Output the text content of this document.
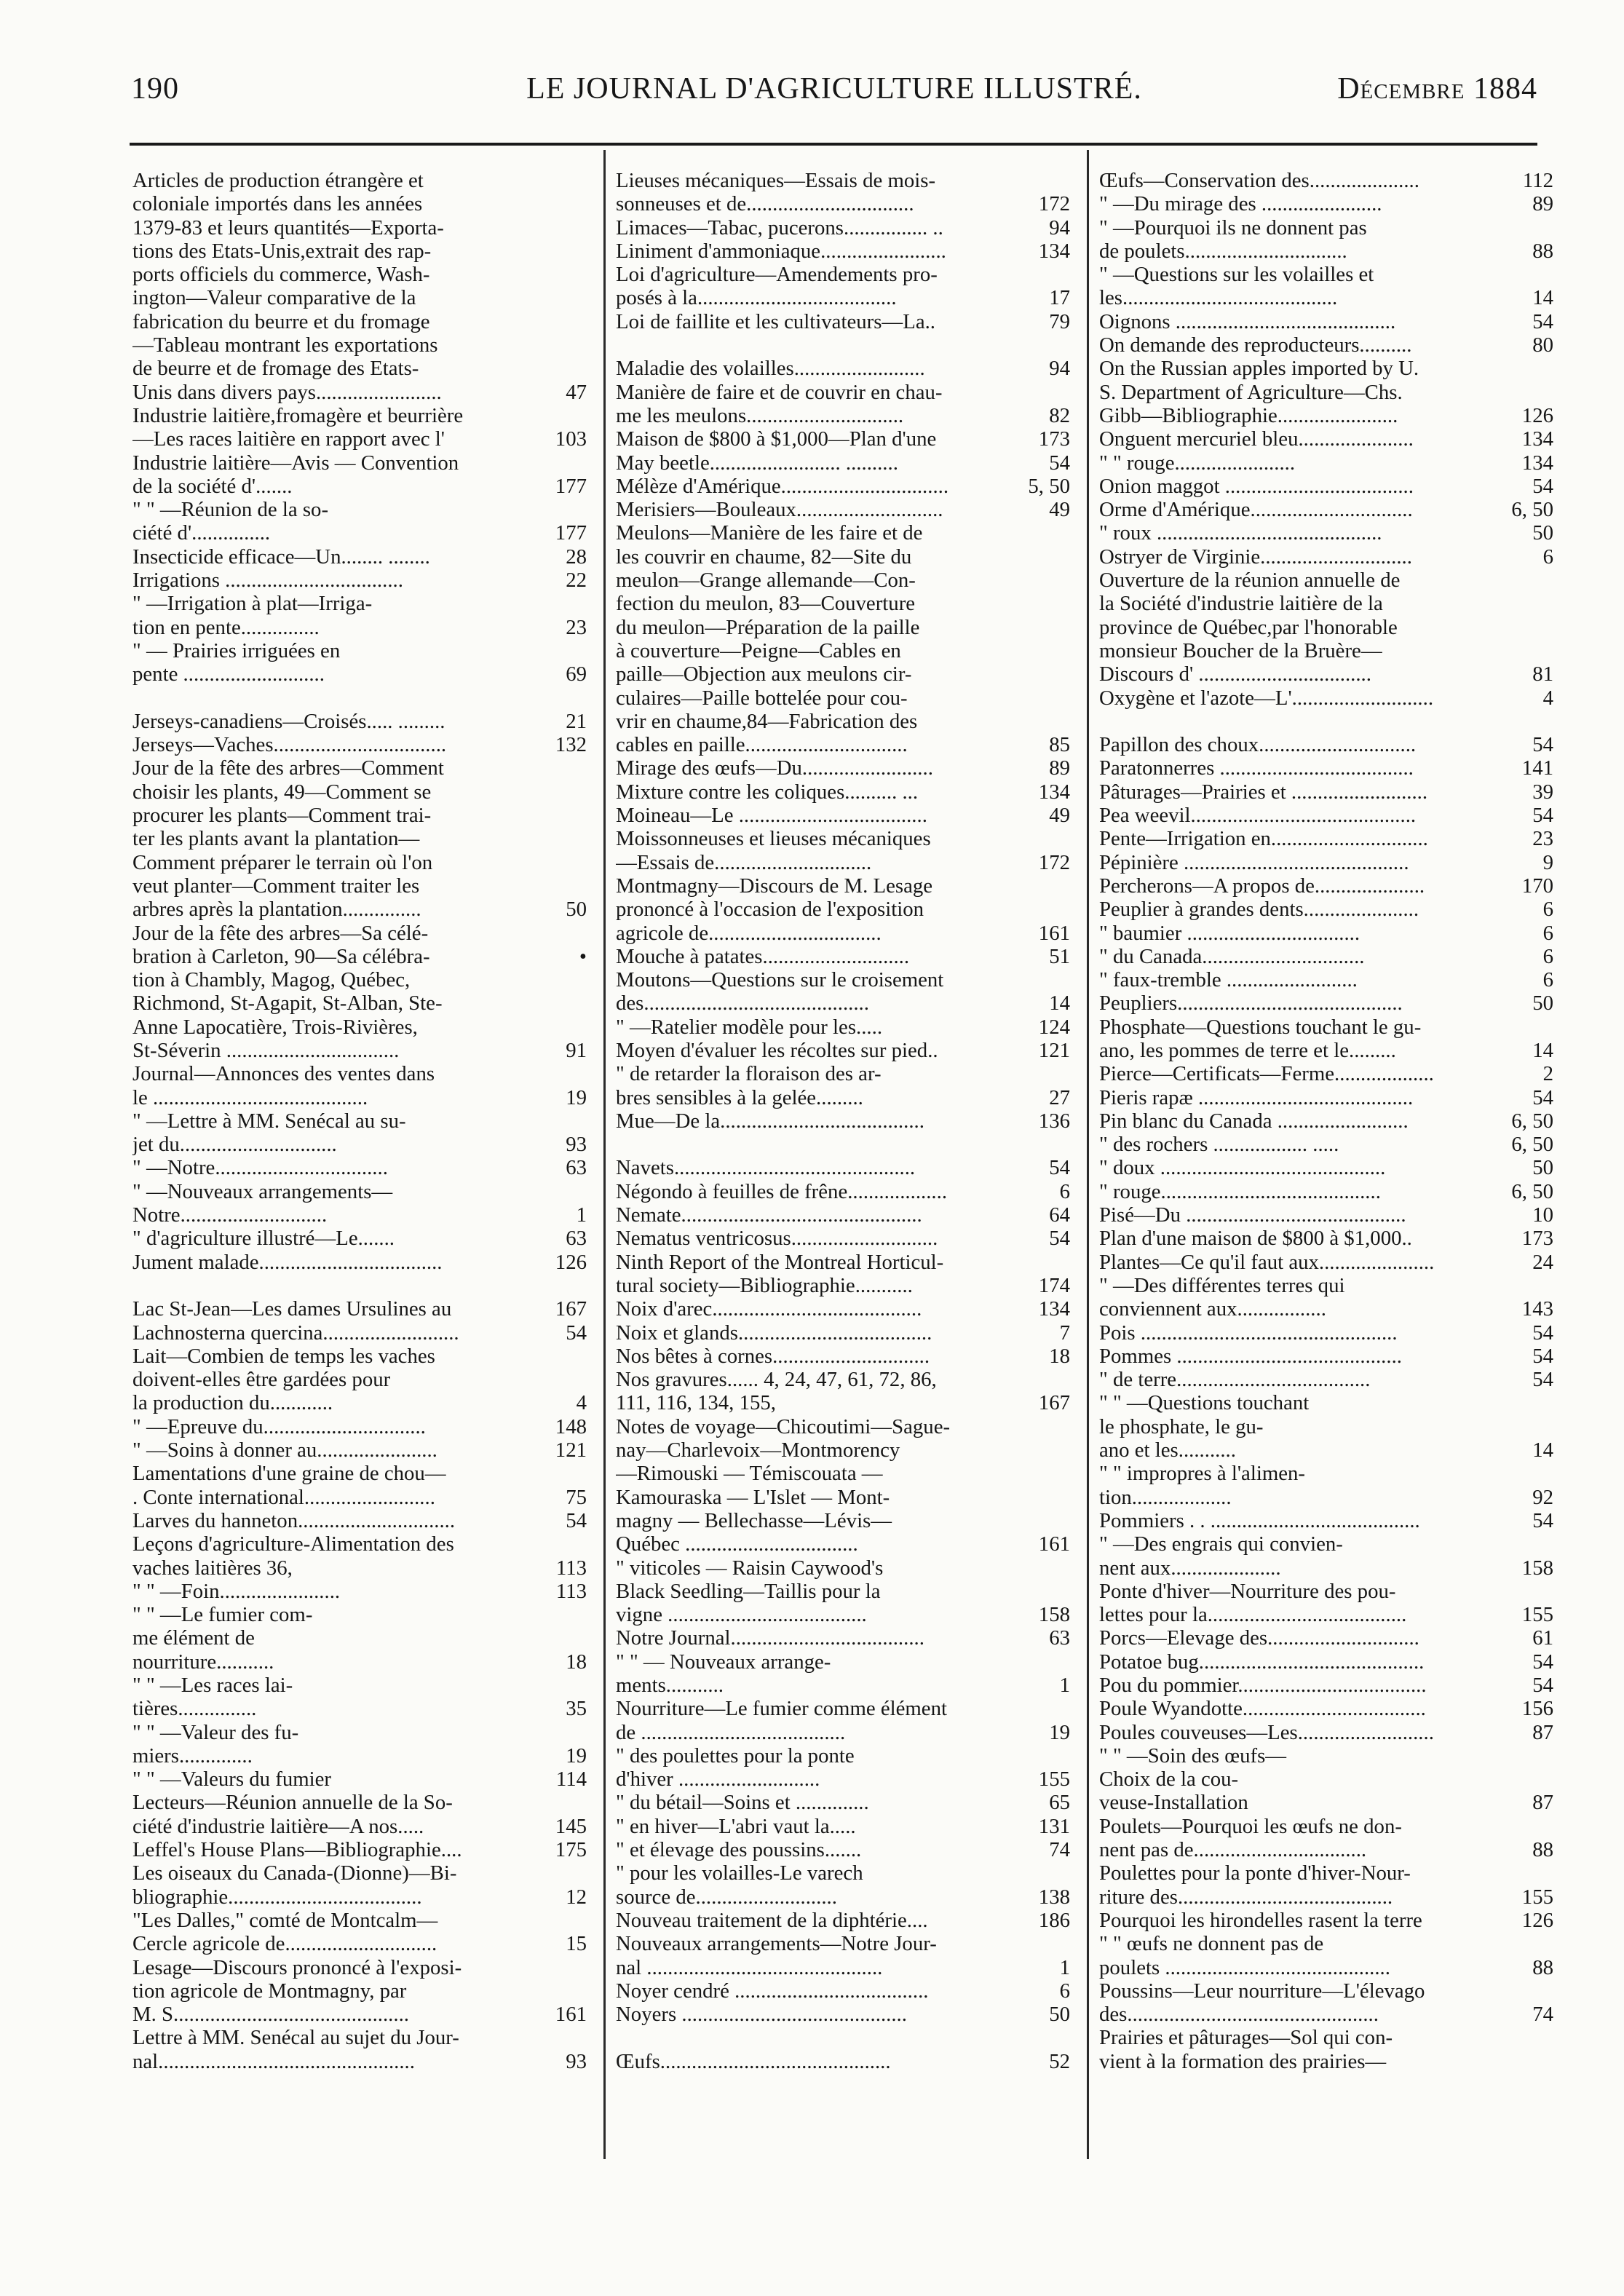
190	LE JOURNAL D'AGRICULTURE ILLUSTRÉ.	Décembre 1884
Articles de production étrangère et
coloniale importés dans les années
1379-83 et leurs quantités—Exporta-
tions des Etats-Unis,extrait des rap-
ports officiels du commerce, Wash-
ington—Valeur comparative de la
fabrication du beurre et du fromage
—Tableau montrant les exportations
de beurre et de fromage des Etats-
Unis dans divers pays........................	47
Industrie laitière,fromagère et beurrière
—Les races laitière en rapport avec l'	103
Industrie laitière—Avis — Convention
de la société d'.......	177
" " —Réunion de la so-
ciété d'...............	177
Insecticide efficace—Un........ ........	28
Irrigations ..................................	22
" —Irrigation à plat—Irriga-
tion en pente...............	23
" — Prairies irriguées en
pente ...........................	69
Jerseys-canadiens—Croisés..... .........	21
Jerseys—Vaches.................................	132
Jour de la fête des arbres—Comment
choisir les plants, 49—Comment se
procurer les plants—Comment trai-
ter les plants avant la plantation—
Comment préparer le terrain où l'on
veut planter—Comment traiter les
arbres après la plantation...............	50
Jour de la fête des arbres—Sa célé-
bration à Carleton, 90—Sa célébra-	•
tion à Chambly, Magog, Québec,
Richmond, St-Agapit, St-Alban, Ste-
Anne Lapocatière, Trois-Rivières,
St-Séverin .................................	91
Journal—Annonces des ventes dans
le .........................................	19
" —Lettre à MM. Senécal au su-
jet du..............................	93
" —Notre.................................	63
" —Nouveaux arrangements—
Notre............................	1
" d'agriculture illustré—Le.......	63
Jument malade...................................	126
Lac St-Jean—Les dames Ursulines au	167
Lachnosterna quercina..........................	54
Lait—Combien de temps les vaches
doivent-elles être gardées pour
la production du............	4
" —Epreuve du...............................	148
" —Soins à donner au.......................	121
Lamentations d'une graine de chou—
. Conte international.........................	75
Larves du hanneton..............................	54
Leçons d'agriculture-Alimentation des
vaches laitières 36,	113
" " —Foin.......................	113
" " —Le fumier com-
me élément de
nourriture...........	18
" " —Les races lai-
tières...............	35
" " —Valeur des fu-
miers..............	19
" " —Valeurs du fumier	114
Lecteurs—Réunion annuelle de la So-
ciété d'industrie laitière—A nos.....	145
Leffel's House Plans—Bibliographie....	175
Les oiseaux du Canada-(Dionne)—Bi-
bliographie.....................................	12
"Les Dalles," comté de Montcalm—
Cercle agricole de.............................	15
Lesage—Discours prononcé à l'exposi-
tion agricole de Montmagny, par
M. S.............................................	161
Lettre à MM. Senécal au sujet du Jour-
nal.................................................	93
Lieuses mécaniques—Essais de mois-
sonneuses et de................................	172
Limaces—Tabac, pucerons................ ..	94
Liniment d'ammoniaque........................	134
Loi d'agriculture—Amendements pro-
posés à la......................................	17
Loi de faillite et les cultivateurs—La..	79
Maladie des volailles.........................	94
Manière de faire et de couvrir en chau-
me les meulons..............................	82
Maison de $800 à $1,000—Plan d'une	173
May beetle......................... ..........	54
Mélèze d'Amérique................................	5, 50
Merisiers—Bouleaux............................	49
Meulons—Manière de les faire et de
les couvrir en chaume, 82—Site du
meulon—Grange allemande—Con-
fection du meulon, 83—Couverture
du meulon—Préparation de la paille
à couverture—Peigne—Cables en
paille—Objection aux meulons cir-
culaires—Paille bottelée pour cou-
vrir en chaume,84—Fabrication des
cables en paille...............................	85
Mirage des œufs—Du.........................	89
Mixture contre les coliques.......... ...	134
Moineau—Le ....................................	49
Moissonneuses et lieuses mécaniques
—Essais de..............................	172
Montmagny—Discours de M. Lesage
prononcé à l'occasion de l'exposition
agricole de.................................	161
Mouche à patates............................	51
Moutons—Questions sur le croisement
des...........................................	14
" —Ratelier modèle pour les.....	124
Moyen d'évaluer les récoltes sur pied..	121
" de retarder la floraison des ar-
bres sensibles à la gelée.........	27
Mue—De la.......................................	136
Navets..............................................	54
Négondo à feuilles de frêne...................	6
Nemate..............................................	64
Nematus ventricosus............................	54
Ninth Report of the Montreal Horticul-
tural society—Bibliographie...........	174
Noix d'arec........................................	134
Noix et glands.....................................	7
Nos bêtes à cornes..............................	18
Nos gravures...... 4, 24, 47, 61, 72, 86,
111, 116, 134, 155,	167
Notes de voyage—Chicoutimi—Sague-
nay—Charlevoix—Montmorency
—Rimouski — Témiscouata —
Kamouraska — L'Islet — Mont-
magny — Bellechasse—Lévis—
Québec .................................	161
" viticoles — Raisin Caywood's
Black Seedling—Taillis pour la
vigne ......................................	158
Notre Journal.....................................	63
" " — Nouveaux arrange-
ments...........	1
Nourriture—Le fumier comme élément
de .......................................	19
" des poulettes pour la ponte
d'hiver ...........................	155
" du bétail—Soins et ..............	65
" en hiver—L'abri vaut la.....	131
" et élevage des poussins.......	74
" pour les volailles-Le varech
source de...........................	138
Nouveau traitement de la diphtérie....	186
Nouveaux arrangements—Notre Jour-
nal .............................................	1
Noyer cendré .....................................	6
Noyers ...........................................	50
Œufs............................................	52
Œufs—Conservation des.....................	112
" —Du mirage des .......................	89
" —Pourquoi ils ne donnent pas
de poulets...............................	88
" —Questions sur les volailles et
les.........................................	14
Oignons ..........................................	54
On demande des reproducteurs..........	80
On the Russian apples imported by U.
S. Department of Agriculture—Chs.
Gibb—Bibliographie.......................	126
Onguent mercuriel bleu......................	134
" " rouge.......................	134
Onion maggot ....................................	54
Orme d'Amérique...............................	6, 50
" roux ...........................................	50
Ostryer de Virginie.............................	6
Ouverture de la réunion annuelle de
la Société d'industrie laitière de la
province de Québec,par l'honorable
monsieur Boucher de la Bruère—
Discours d' .................................	81
Oxygène et l'azote—L'...........................	4
Papillon des choux..............................	54
Paratonnerres .....................................	141
Pâturages—Prairies et ..........................	39
Pea weevil...........................................	54
Pente—Irrigation en..............................	23
Pépinière ...........................................	9
Percherons—A propos de.....................	170
Peuplier à grandes dents......................	6
" baumier .................................	6
" du Canada...............................	6
" faux-tremble .........................	6
Peupliers...........................................	50
Phosphate—Questions touchant le gu-
ano, les pommes de terre et le.........	14
Pierce—Certificats—Ferme...................	2
Pieris rapæ .........................................	54
Pin blanc du Canada .........................	6, 50
" des rochers .................. .....	6, 50
" doux ...........................................	50
" rouge..........................................	6, 50
Pisé—Du ..........................................	10
Plan d'une maison de $800 à $1,000..	173
Plantes—Ce qu'il faut aux......................	24
" —Des différentes terres qui
conviennent aux.................	143
Pois .................................................	54
Pommes ...........................................	54
" de terre.....................................	54
" " —Questions touchant
le phosphate, le gu-
ano et les...........	14
" " impropres à l'alimen-
tion...................	92
Pommiers . . ........................................	54
" —Des engrais qui convien-
nent aux.....................	158
Ponte d'hiver—Nourriture des pou-
lettes pour la......................................	155
Porcs—Elevage des.............................	61
Potatoe bug...........................................	54
Pou du pommier....................................	54
Poule Wyandotte...................................	156
Poules couveuses—Les..........................	87
" " —Soin des œufs—
Choix de la cou-
veuse-Installation	87
Poulets—Pourquoi les œufs ne don-
nent pas de.................................	88
Poulettes pour la ponte d'hiver-Nour-
riture des.........................................	155
Pourquoi les hirondelles rasent la terre	126
" " œufs ne donnent pas de
poulets ...........................................	88
Poussins—Leur nourriture—L'élevago
des................................................	74
Prairies et pâturages—Sol qui con-
vient à la formation des prairies—
